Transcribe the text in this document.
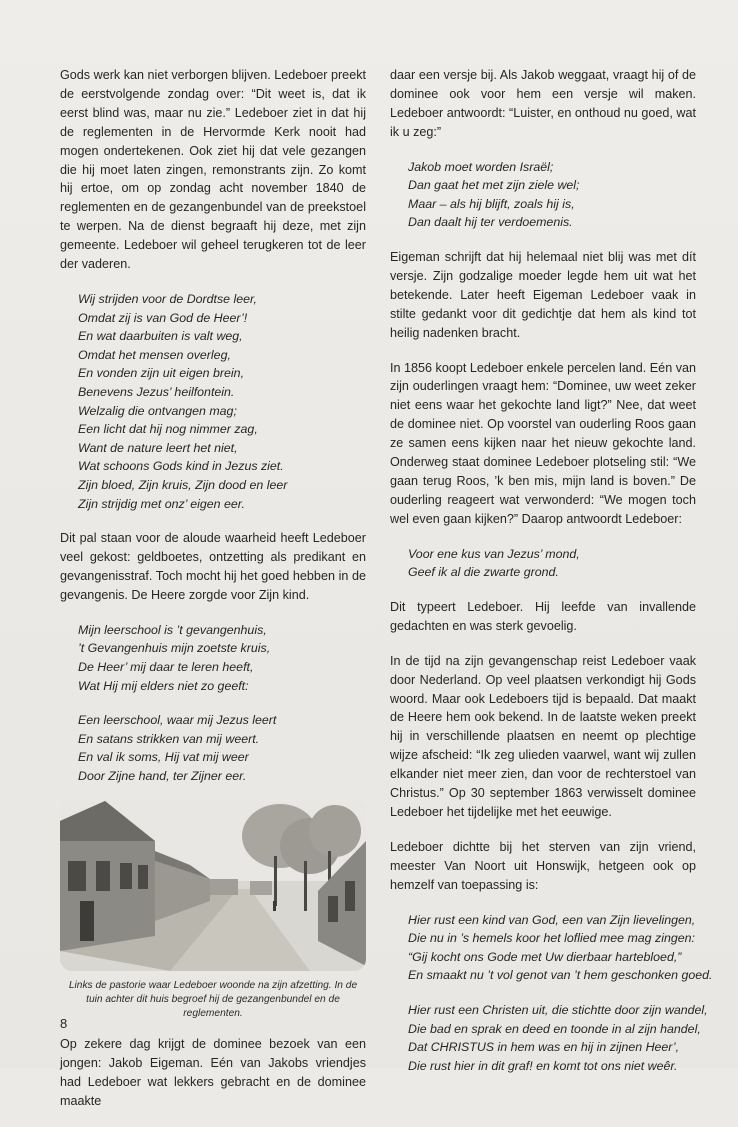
Gods werk kan niet verborgen blijven. Ledeboer preekt de eerstvolgende zondag over: “Dit weet is, dat ik eerst blind was, maar nu zie.” Ledeboer ziet in dat hij de reglementen in de Hervormde Kerk nooit had mogen ondertekenen. Ook ziet hij dat vele gezangen die hij moet laten zingen, remonstrants zijn. Zo komt hij ertoe, om op zondag acht november 1840 de reglementen en de gezangenbundel van de preekstoel te werpen. Na de dienst begraaft hij deze, met zijn gemeente. Ledeboer wil geheel terugkeren tot de leer der vaderen.

Wij strijden voor de Dordtse leer,
Omdat zij is van God de Heer’!
En wat daarbuiten is valt weg,
Omdat het mensen overleg,
En vonden zijn uit eigen brein,
Benevens Jezus’ heilfontein.
Welzalig die ontvangen mag;
Een licht dat hij nog nimmer zag,
Want de nature leert het niet,
Wat schoons Gods kind in Jezus ziet.
Zijn bloed, Zijn kruis, Zijn dood en leer
Zijn strijdig met onz’ eigen eer.

Dit pal staan voor de aloude waarheid heeft Ledeboer veel gekost: geldboetes, ontzetting als predikant en gevangenisstraf. Toch mocht hij het goed hebben in de gevangenis. De Heere zorgde voor Zijn kind.

Mijn leerschool is ’t gevangenhuis,
’t Gevangenhuis mijn zoetste kruis,
De Heer’ mij daar te leren heeft,
Wat Hij mij elders niet zo geeft:
Een leerschool, waar mij Jezus leert
En satans strikken van mij weert.
En val ik soms, Hij vat mij weer
Door Zijne hand, ter Zijner eer.
Links de pastorie waar Ledeboer woonde na zijn afzetting. In de tuin achter dit huis begroef hij de gezangenbundel en de reglementen.

Op zekere dag krijgt de dominee bezoek van een jongen: Jakob Eigeman. Eén van Jakobs vriendjes had Ledeboer wat lekkers gebracht en de dominee maakte

daar een versje bij. Als Jakob weggaat, vraagt hij of de dominee ook voor hem een versje wil maken. Ledeboer antwoordt: “Luister, en onthoud nu goed, wat ik u zeg:”

Jakob moet worden Israël;
Dan gaat het met zijn ziele wel;
Maar – als hij blijft, zoals hij is,
Dan daalt hij ter verdoemenis.

Eigeman schrijft dat hij helemaal niet blij was met dít versje. Zijn godzalige moeder legde hem uit wat het betekende. Later heeft Eigeman Ledeboer vaak in stilte gedankt voor dit gedichtje dat hem als kind tot heilig nadenken bracht.

In 1856 koopt Ledeboer enkele percelen land. Eén van zijn ouderlingen vraagt hem: “Dominee, uw weet zeker niet eens waar het gekochte land ligt?” Nee, dat weet de dominee niet. Op voorstel van ouderling Roos gaan ze samen eens kijken naar het nieuw gekochte land. Onderweg staat dominee Ledeboer plotseling stil: “We gaan terug Roos, ’k ben mis, mijn land is boven.” De ouderling reageert wat verwonderd: “We mogen toch wel even gaan kijken?” Daarop antwoordt Ledeboer:

Voor ene kus van Jezus’ mond,
Geef ik al die zwarte grond.

Dit typeert Ledeboer. Hij leefde van invallende gedachten en was sterk gevoelig.

In de tijd na zijn gevangenschap reist Ledeboer vaak door Nederland. Op veel plaatsen verkondigt hij Gods woord. Maar ook Ledeboers tijd is bepaald. Dat maakt de Heere hem ook bekend. In de laatste weken preekt hij in verschillende plaatsen en neemt op plechtige wijze afscheid: “Ik zeg ulieden vaarwel, want wij zullen elkander niet meer zien, dan voor de rechterstoel van Christus.” Op 30 september 1863 verwisselt dominee Ledeboer het tijdelijke met het eeuwige.

Ledeboer dichtte bij het sterven van zijn vriend, meester Van Noort uit Honswijk, hetgeen ook op hemzelf van toepassing is:

Hier rust een kind van God, een van Zijn lievelingen,
Die nu in ’s hemels koor het loflied mee mag zingen:
“Gij kocht ons Gode met Uw dierbaar hartebloed,”
En smaakt nu ’t vol genot van ’t hem geschonken goed.
Hier rust een Christen uit, die stichtte door zijn wandel,
Die bad en sprak en deed en toonde in al zijn handel,
Dat CHRISTUS in hem was en hij in zijnen Heer’,
Die rust hier in dit graf! en komt tot ons niet weêr.
8
